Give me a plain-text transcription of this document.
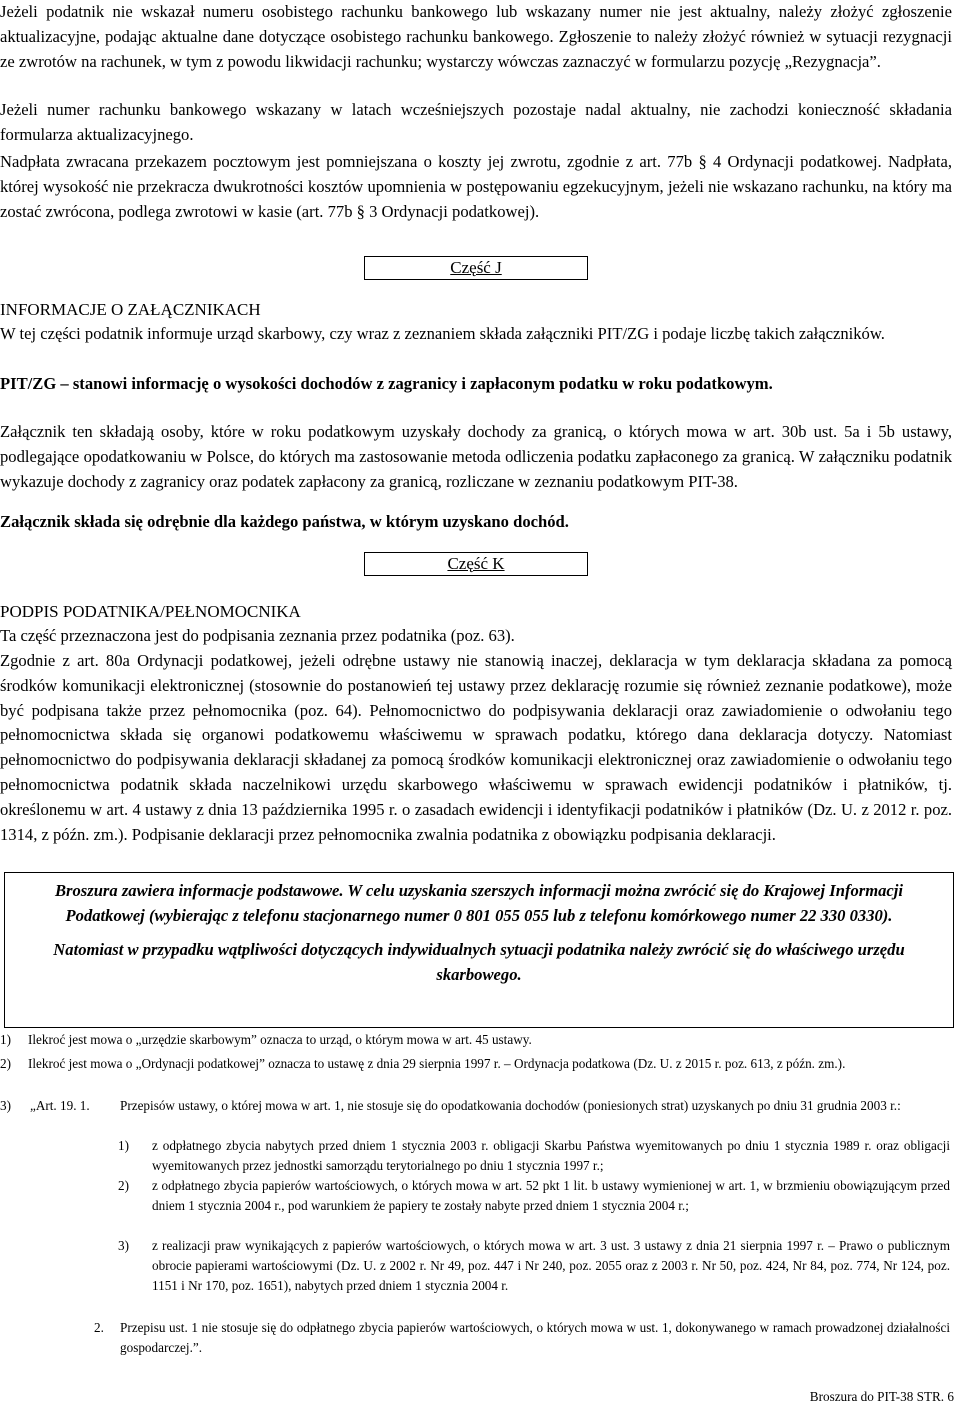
Jeżeli podatnik nie wskazał numeru osobistego rachunku bankowego lub wskazany numer nie jest aktualny, należy złożyć zgłoszenie aktualizacyjne, podając aktualne dane dotyczące osobistego rachunku bankowego. Zgłoszenie to należy złożyć również w sytuacji rezygnacji ze zwrotów na rachunek, w tym z powodu likwidacji rachunku; wystarczy wówczas zaznaczyć w formularzu pozycję „Rezygnacja”.

Jeżeli numer rachunku bankowego wskazany w latach wcześniejszych pozostaje nadal aktualny, nie zachodzi konieczność składania formularza aktualizacyjnego.

Nadpłata zwracana przekazem pocztowym jest pomniejszana o koszty jej zwrotu, zgodnie z art. 77b § 4 Ordynacji podatkowej. Nadpłata, której wysokość nie przekracza dwukrotności kosztów upomnienia w postępowaniu egzekucyjnym, jeżeli nie wskazano rachunku, na który ma zostać zwrócona, podlega zwrotowi w kasie (art. 77b § 3 Ordynacji podatkowej).

Część J
INFORMACJE O ZAŁĄCZNIKACH

W tej części podatnik informuje urząd skarbowy, czy wraz z zeznaniem składa załączniki PIT/ZG i podaje liczbę takich załączników.

PIT/ZG – stanowi informację o wysokości dochodów z zagranicy i zapłaconym podatku w roku podatkowym.

Załącznik ten składają osoby, które w roku podatkowym uzyskały dochody za granicą, o których mowa w art. 30b ust. 5a i 5b ustawy, podlegające opodatkowaniu w Polsce, do których ma zastosowanie metoda odliczenia podatku zapłaconego za granicą. W załączniku podatnik wykazuje dochody z zagranicy oraz podatek zapłacony za granicą, rozliczane w zeznaniu podatkowym PIT-38.

Załącznik składa się odrębnie dla każdego państwa, w którym uzyskano dochód.

Część K
PODPIS PODATNIKA/PEŁNOMOCNIKA

Ta część przeznaczona jest do podpisania zeznania przez podatnika (poz. 63).

Zgodnie z art. 80a Ordynacji podatkowej, jeżeli odrębne ustawy nie stanowią inaczej, deklaracja w tym deklaracja składana za pomocą środków komunikacji elektronicznej (stosownie do postanowień tej ustawy przez deklarację rozumie się również zeznanie podatkowe), może być podpisana także przez pełnomocnika (poz. 64). Pełnomocnictwo do podpisywania deklaracji oraz zawiadomienie o odwołaniu tego pełnomocnictwa składa się organowi podatkowemu właściwemu w sprawach podatku, którego dana deklaracja dotyczy. Natomiast pełnomocnictwo do podpisywania deklaracji składanej za pomocą środków komunikacji elektronicznej oraz zawiadomienie o odwołaniu tego pełnomocnictwa podatnik składa naczelnikowi urzędu skarbowego właściwemu w sprawach ewidencji podatników i płatników, tj. określonemu w art. 4 ustawy z dnia 13 października 1995 r. o zasadach ewidencji i identyfikacji podatników i płatników (Dz. U. z 2012 r. poz. 1314, z późn. zm.). Podpisanie deklaracji przez pełnomocnika zwalnia podatnika z obowiązku podpisania deklaracji.

Broszura zawiera informacje podstawowe. W celu uzyskania szerszych informacji można zwrócić się do Krajowej Informacji Podatkowej (wybierając z telefonu stacjonarnego numer 0 801 055 055 lub z telefonu komórkowego numer 22 330 0330).

Natomiast w przypadku wątpliwości dotyczących indywidualnych sytuacji podatnika należy zwrócić się do właściwego urzędu skarbowego.

1)	Ilekroć jest mowa o „urzędzie skarbowym” oznacza to urząd, o którym mowa w art. 45 ustawy.
2)	Ilekroć jest mowa o „Ordynacji podatkowej” oznacza to ustawę z dnia 29 sierpnia 1997 r. – Ordynacja podatkowa (Dz. U. z 2015 r. poz. 613, z późn. zm.).
3)	„Art. 19. 1.	Przepisów ustawy, o której mowa w art. 1, nie stosuje się do opodatkowania dochodów (poniesionych strat) uzyskanych po dniu 31 grudnia 2003 r.:
1) z odpłatnego zbycia nabytych przed dniem 1 stycznia 2003 r. obligacji Skarbu Państwa wyemitowanych po dniu 1 stycznia 1989 r. oraz obligacji wyemitowanych przez jednostki samorządu terytorialnego po dniu 1 stycznia 1997 r.;
2) z odpłatnego zbycia papierów wartościowych, o których mowa w art. 52 pkt 1 lit. b ustawy wymienionej w art. 1, w brzmieniu obowiązującym przed dniem 1 stycznia 2004 r., pod warunkiem że papiery te zostały nabyte przed dniem 1 stycznia 2004 r.;
3) z realizacji praw wynikających z papierów wartościowych, o których mowa w art. 3 ust. 3 ustawy z dnia 21 sierpnia 1997 r. – Prawo o publicznym obrocie papierami wartościowymi (Dz. U. z 2002 r. Nr 49, poz. 447 i Nr 240, poz. 2055 oraz z 2003 r. Nr 50, poz. 424, Nr 84, poz. 774, Nr 124, poz. 1151 i Nr 170, poz. 1651), nabytych przed dniem 1 stycznia 2004 r.
2. Przepisu ust. 1 nie stosuje się do odpłatnego zbycia papierów wartościowych, o których mowa w ust. 1, dokonywanego w ramach prowadzonej działalności gospodarczej.”.
Broszura do PIT-38 STR. 6
